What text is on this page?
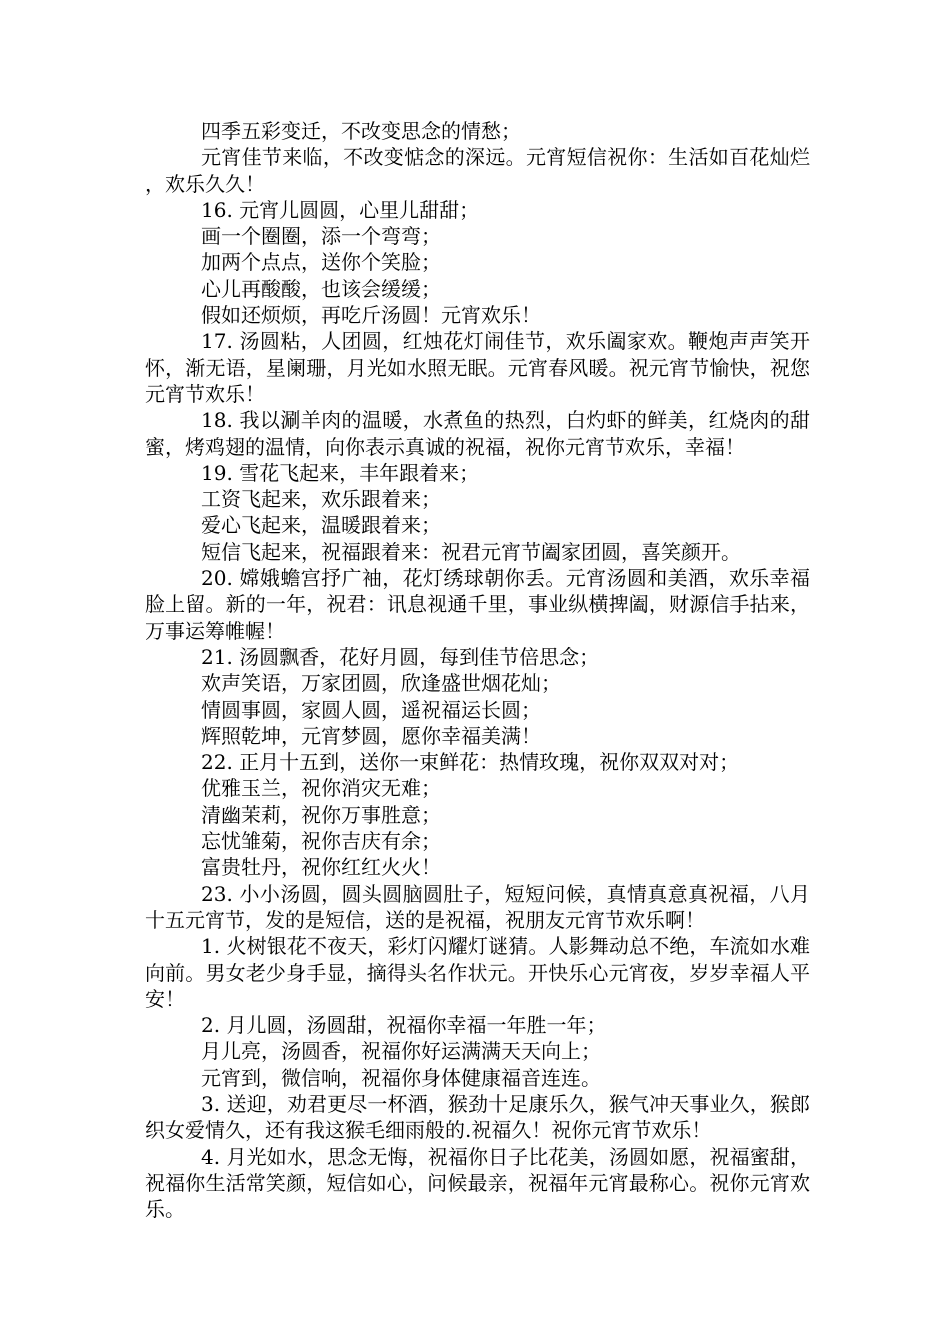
四季五彩变迁，不改变思念的情愁；

元宵佳节来临，不改变惦念的深远。元宵短信祝你：生活如百花灿烂，欢乐久久！

16. 元宵儿圆圆，心里儿甜甜；

画一个圈圈，添一个弯弯；

加两个点点，送你个笑脸；

心儿再酸酸，也该会缓缓；

假如还烦烦，再吃斤汤圆！元宵欢乐！

17. 汤圆粘，人团圆，红烛花灯闹佳节，欢乐阖家欢。鞭炮声声笑开怀，渐无语，星阑珊，月光如水照无眠。元宵春风暖。祝元宵节愉快，祝您元宵节欢乐！

18. 我以涮羊肉的温暖，水煮鱼的热烈，白灼虾的鲜美，红烧肉的甜蜜，烤鸡翅的温情，向你表示真诚的祝福，祝你元宵节欢乐，幸福！

19. 雪花飞起来，丰年跟着来；

工资飞起来，欢乐跟着来；

爱心飞起来，温暖跟着来；

短信飞起来，祝福跟着来：祝君元宵节阖家团圆，喜笑颜开。

20. 嫦娥蟾宫抒广袖，花灯绣球朝你丢。元宵汤圆和美酒，欢乐幸福脸上留。新的一年，祝君：讯息视通千里，事业纵横捭阖，财源信手拈来，万事运筹帷幄！

21. 汤圆飘香，花好月圆，每到佳节倍思念；

欢声笑语，万家团圆，欣逢盛世烟花灿；

情圆事圆，家圆人圆，遥祝福运长圆；

辉照乾坤，元宵梦圆，愿你幸福美满！

22. 正月十五到，送你一束鲜花：热情玫瑰，祝你双双对对；

优雅玉兰，祝你消灾无难；

清幽茉莉，祝你万事胜意；

忘忧雏菊，祝你吉庆有余；

富贵牡丹，祝你红红火火！

23. 小小汤圆，圆头圆脑圆肚子，短短问候，真情真意真祝福，八月十五元宵节，发的是短信，送的是祝福，祝朋友元宵节欢乐啊！

1. 火树银花不夜天，彩灯闪耀灯谜猜。人影舞动总不绝，车流如水难向前。男女老少身手显，摘得头名作状元。开快乐心元宵夜，岁岁幸福人平安！

2. 月儿圆，汤圆甜，祝福你幸福一年胜一年；

月儿亮，汤圆香，祝福你好运满满天天向上；

元宵到，微信响，祝福你身体健康福音连连。

3. 送迎，劝君更尽一杯酒，猴劲十足康乐久，猴气冲天事业久，猴郎织女爱情久，还有我这猴毛细雨般的.祝福久！祝你元宵节欢乐！

4. 月光如水，思念无悔，祝福你日子比花美，汤圆如愿，祝福蜜甜，祝福你生活常笑颜，短信如心，问候最亲，祝福年元宵最称心。祝你元宵欢乐。
